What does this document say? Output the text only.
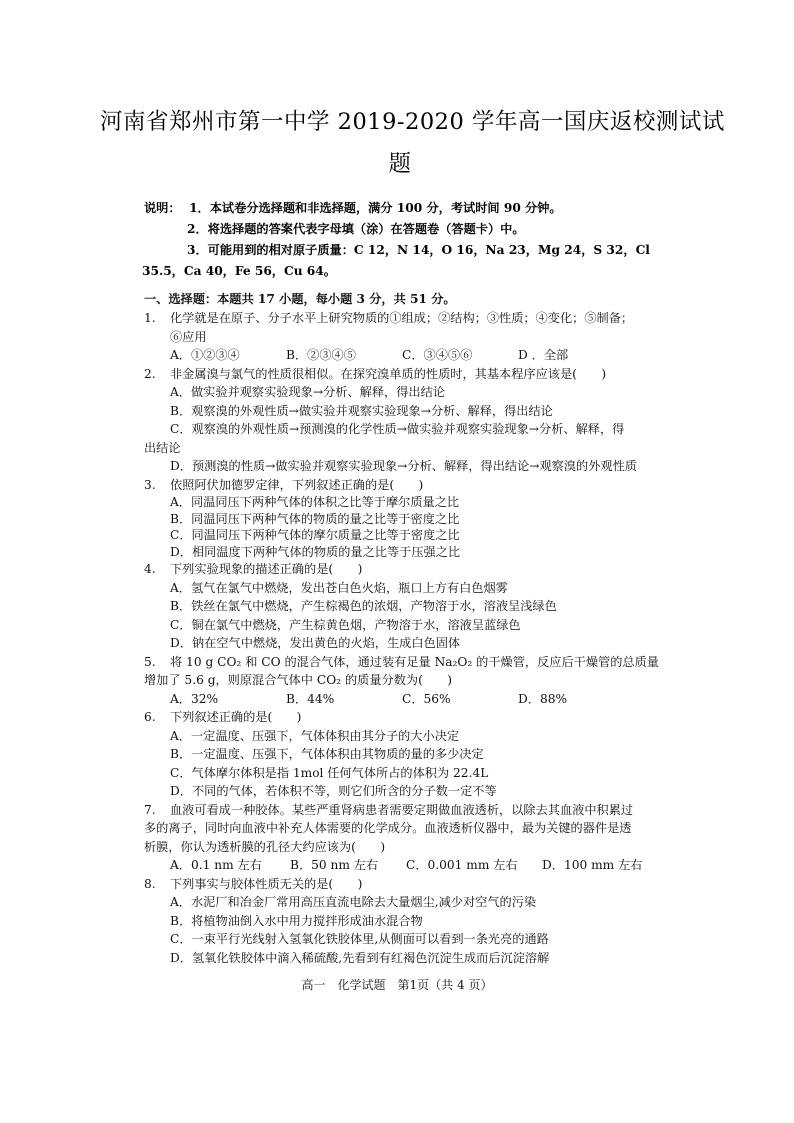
河南省郑州市第一中学 2019-2020 学年高一国庆返校测试试
题
说明： 1．本试卷分选择题和非选择题，满分 100 分，考试时间 90 分钟。
2．将选择题的答案代表字母填（涂）在答题卷（答题卡）中。
3．可能用到的相对原子质量：C 12，N 14，O 16，Na 23，Mg 24，S 32，Cl
35.5，Ca 40，Fe 56，Cu 64。
一、选择题：本题共 17 小题，每小题 3 分，共 51 分。
1. 化学就是在原子、分子水平上研究物质的①组成；②结构；③性质；④变化；⑤制备；
⑥应用
A．①②③④	B．②③④⑤	C．③④⑤⑥	D ．全部
2. 非金属溴与氯气的性质很相似。在探究溴单质的性质时，其基本程序应该是(　　)
A．做实验并观察实验现象→分析、解释，得出结论
B．观察溴的外观性质→做实验并观察实验现象→分析、解释，得出结论
C．观察溴的外观性质→预测溴的化学性质→做实验并观察实验现象→分析、解释，得
出结论
D．预测溴的性质→做实验并观察实验现象→分析、解释，得出结论→观察溴的外观性质
3. 依照阿伏加德罗定律，下列叙述正确的是(　　)
A．同温同压下两种气体的体积之比等于摩尔质量之比
B．同温同压下两种气体的物质的量之比等于密度之比
C．同温同压下两种气体的摩尔质量之比等于密度之比
D．相同温度下两种气体的物质的量之比等于压强之比
4. 下列实验现象的描述正确的是(　　)
A．氢气在氯气中燃烧，发出苍白色火焰，瓶口上方有白色烟雾
B．铁丝在氯气中燃烧，产生棕褐色的浓烟，产物溶于水，溶液呈浅绿色
C．铜在氯气中燃烧，产生棕黄色烟，产物溶于水，溶液呈蓝绿色
D．钠在空气中燃烧，发出黄色的火焰，生成白色固体
5. 将 10 g CO₂ 和 CO 的混合气体，通过装有足量 Na₂O₂ 的干燥管，反应后干燥管的总质量
增加了 5.6 g，则原混合气体中 CO₂ 的质量分数为(　　)
A．32%	B．44%	C．56%	D．88%
6. 下列叙述正确的是(　　)
A．一定温度、压强下，气体体积由其分子的大小决定
B．一定温度、压强下，气体体积由其物质的量的多少决定
C．气体摩尔体积是指 1mol 任何气体所占的体积为 22.4L
D．不同的气体，若体积不等，则它们所含的分子数一定不等
7. 血液可看成一种胶体。某些严重肾病患者需要定期做血液透析，以除去其血液中积累过
多的离子，同时向血液中补充人体需要的化学成分。血液透析仪器中，最为关键的器件是透
析膜，你认为透析膜的孔径大约应该为(　　)
A．0.1 nm 左右	B．50 nm 左右	C．0.001 mm 左右	D．100 mm 左右
8. 下列事实与胶体性质无关的是(　　)
A．水泥厂和冶金厂常用高压直流电除去大量烟尘,减少对空气的污染
B．将植物油倒入水中用力搅拌形成油水混合物
C．一束平行光线射入氢氧化铁胶体里,从侧面可以看到一条光亮的通路
D．氢氧化铁胶体中滴入稀硫酸,先看到有红褐色沉淀生成而后沉淀溶解
高一　化学试题　第1页（共 4 页）
